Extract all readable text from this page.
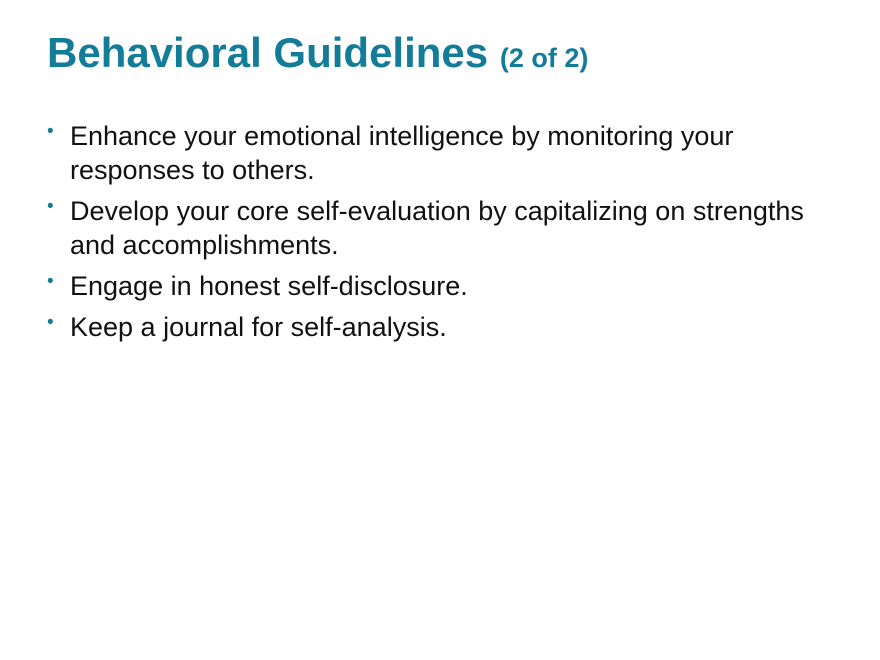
Behavioral Guidelines (2 of 2)
• Enhance your emotional intelligence by monitoring your responses to others.
• Develop your core self-evaluation by capitalizing on strengths and accomplishments.
• Engage in honest self-disclosure.
• Keep a journal for self-analysis.
